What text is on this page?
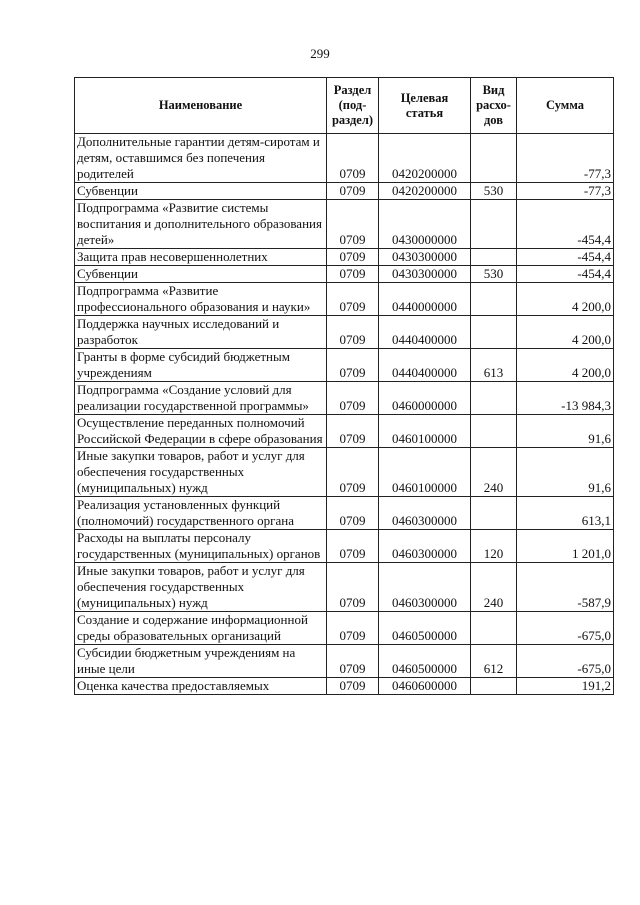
299
Наименование	Раздел (под-раздел)	Целевая статья	Вид расхо-дов	Сумма
Дополнительные гарантии детям-сиротам и детям, оставшимся без попечения родителей	0709	0420200000		-77,3
Субвенции	0709	0420200000	530	-77,3
Подпрограмма «Развитие системы воспитания и дополнительного образования детей»	0709	0430000000		-454,4
Защита прав несовершеннолетних	0709	0430300000		-454,4
Субвенции	0709	0430300000	530	-454,4
Подпрограмма «Развитие профессионального образования и науки»	0709	0440000000		4 200,0
Поддержка научных исследований и разработок	0709	0440400000		4 200,0
Гранты в форме субсидий бюджетным учреждениям	0709	0440400000	613	4 200,0
Подпрограмма «Создание условий для реализации государственной программы»	0709	0460000000		-13 984,3
Осуществление переданных полномочий Российской Федерации в сфере образования	0709	0460100000		91,6
Иные закупки товаров, работ и услуг для обеспечения государственных (муниципальных) нужд	0709	0460100000	240	91,6
Реализация установленных функций (полномочий) государственного органа	0709	0460300000		613,1
Расходы на выплаты персоналу государственных (муниципальных) органов	0709	0460300000	120	1 201,0
Иные закупки товаров, работ и услуг для обеспечения государственных (муниципальных) нужд	0709	0460300000	240	-587,9
Создание и содержание информационной среды образовательных организаций	0709	0460500000		-675,0
Субсидии бюджетным учреждениям на иные цели	0709	0460500000	612	-675,0
Оценка качества предоставляемых	0709	0460600000		191,2
